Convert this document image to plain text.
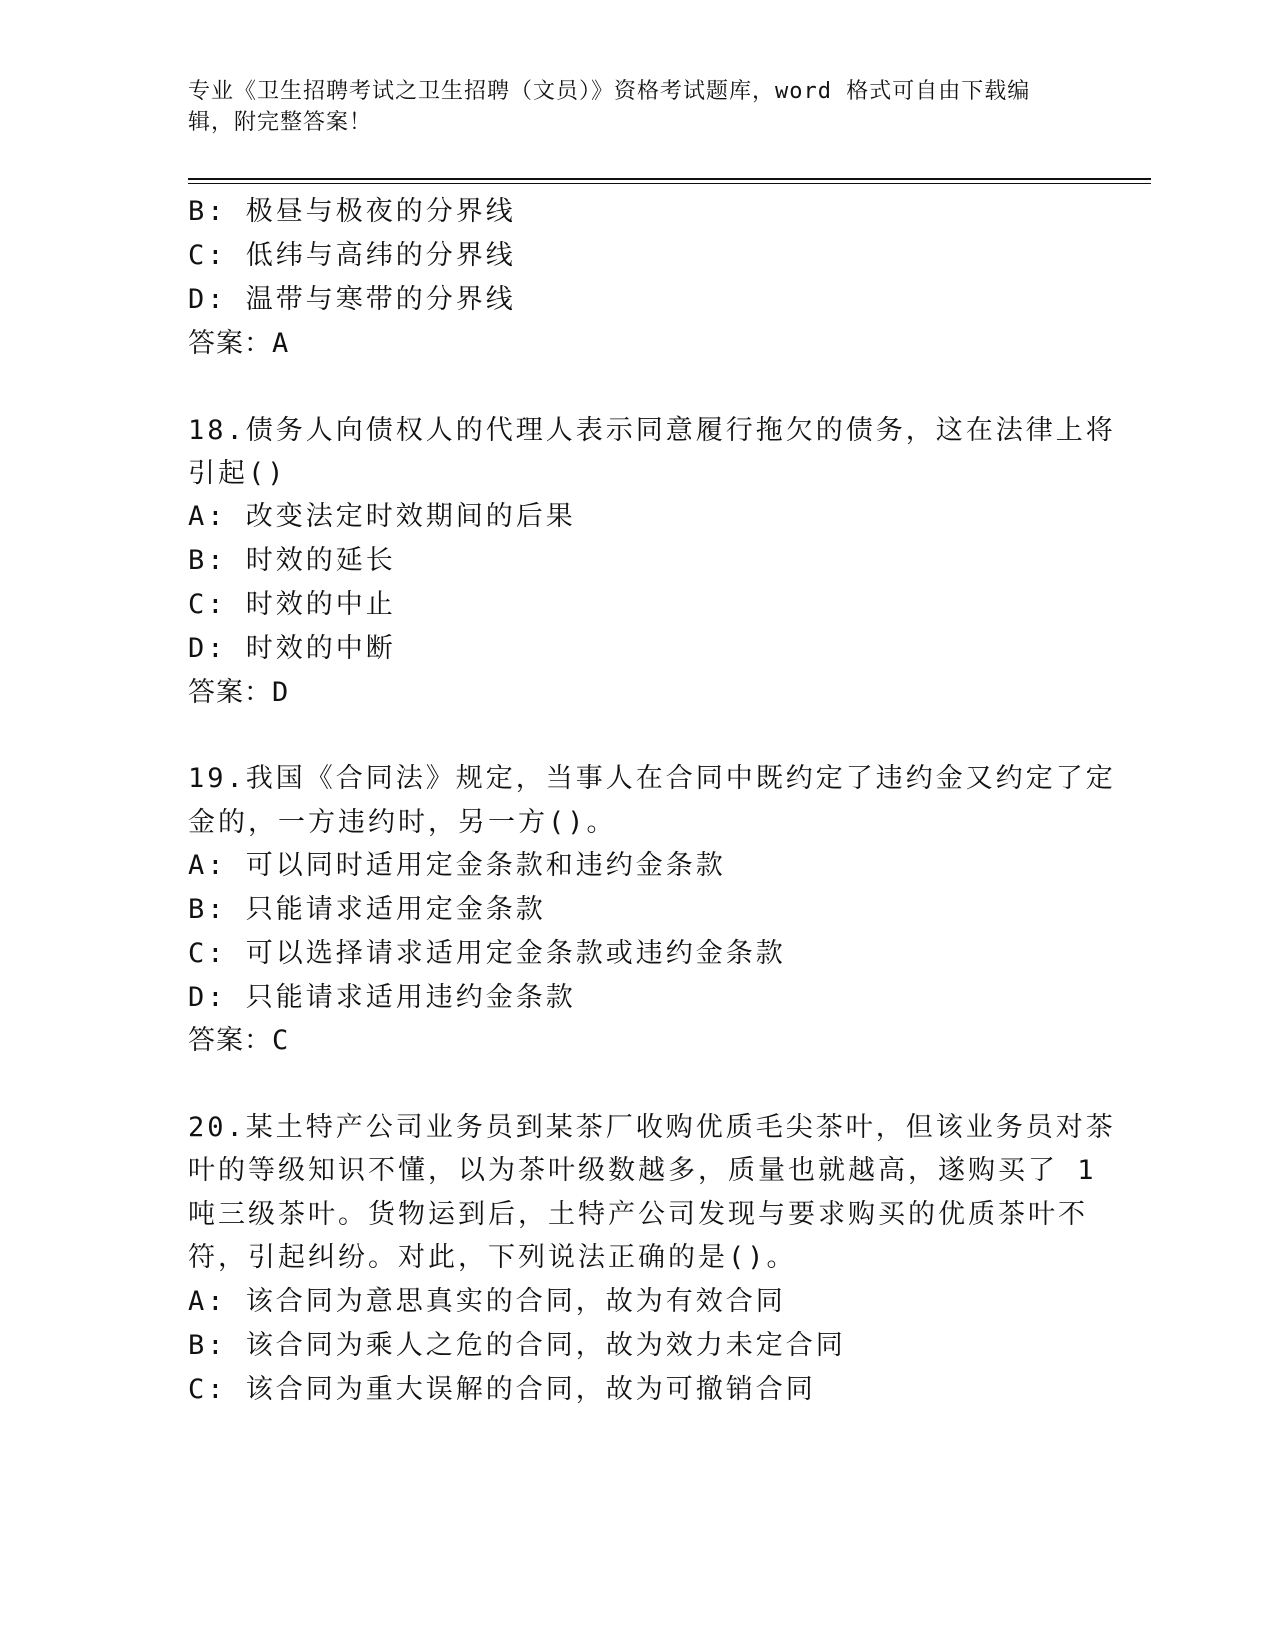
专业《卫生招聘考试之卫生招聘（文员）》资格考试题库，word 格式可自由下载编辑，附完整答案！
B: 极昼与极夜的分界线
C: 低纬与高纬的分界线
D: 温带与寒带的分界线
答案：A
18.债务人向债权人的代理人表示同意履行拖欠的债务，这在法律上将
引起()
A: 改变法定时效期间的后果
B: 时效的延长
C: 时效的中止
D: 时效的中断
答案：D
19.我国《合同法》规定，当事人在合同中既约定了违约金又约定了定
金的，一方违约时，另一方()。
A: 可以同时适用定金条款和违约金条款
B: 只能请求适用定金条款
C: 可以选择请求适用定金条款或违约金条款
D: 只能请求适用违约金条款
答案：C
20.某土特产公司业务员到某茶厂收购优质毛尖茶叶，但该业务员对茶
叶的等级知识不懂，以为茶叶级数越多，质量也就越高，遂购买了 1
吨三级茶叶。货物运到后，土特产公司发现与要求购买的优质茶叶不
符，引起纠纷。对此，下列说法正确的是()。
A: 该合同为意思真实的合同，故为有效合同
B: 该合同为乘人之危的合同，故为效力未定合同
C: 该合同为重大误解的合同，故为可撤销合同
